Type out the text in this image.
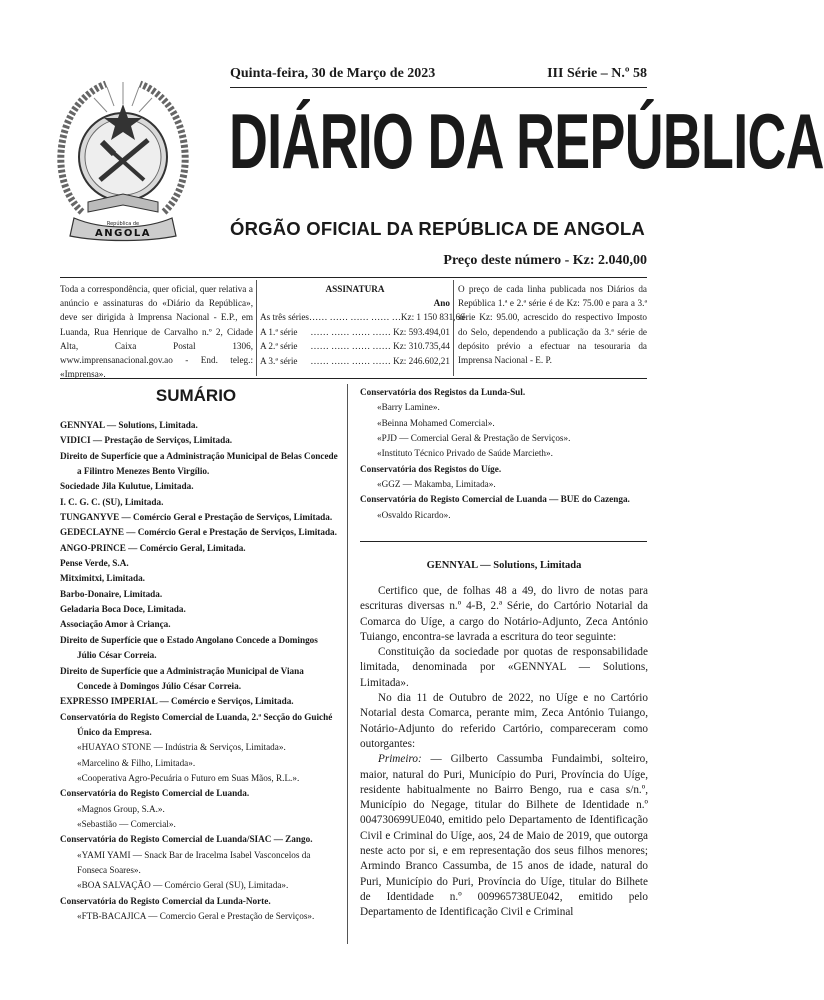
República de
ANGOLA
Quinta-feira, 30 de Março de 2023	III Série – N.º 58
DIÁRIO DA REPÚBLICA
ÓRGÃO OFICIAL DA REPÚBLICA DE ANGOLA
Preço deste número - Kz: 2.040,00
Toda a correspondência, quer oficial, quer relativa a anúncio e assinaturas do «Diário da República», deve ser dirigida à Imprensa Nacional - E.P., em Luanda, Rua Henrique de Carvalho n.º 2, Cidade Alta, Caixa Postal 1306, www.imprensanacional.gov.ao - End. teleg.: «Imprensa».
ASSINATURA
Ano
As três séries …… …… …… …… …Kz: 1 150 831,66
A 1.ª série …… …… …… …… Kz: 593.494,01
A 2.ª série …… …… …… …… Kz: 310.735,44
A 3.ª série …… …… …… …… Kz: 246.602,21
O preço de cada linha publicada nos Diários da República 1.ª e 2.ª série é de Kz: 75.00 e para a 3.ª série Kz: 95.00, acrescido do respectivo Imposto do Selo, dependendo a publicação da 3.ª série de depósito prévio a efectuar na tesouraria da Imprensa Nacional - E. P.
SUMÁRIO
GENNYAL — Solutions, Limitada.
VIDICI — Prestação de Serviços, Limitada.
Direito de Superfície que a Administração Municipal de Belas Concede a Filintro Menezes Bento Virgílio.
Sociedade Jila Kulutue, Limitada.
I. C. G. C. (SU), Limitada.
TUNGANYVE — Comércio Geral e Prestação de Serviços, Limitada.
GEDECLAYNE — Comércio Geral e Prestação de Serviços, Limitada.
ANGO-PRINCE — Comércio Geral, Limitada.
Pense Verde, S.A.
Mitximitxi, Limitada.
Barbo-Donaire, Limitada.
Geladaria Boca Doce, Limitada.
Associação Amor à Criança.
Direito de Superfície que o Estado Angolano Concede a Domingos Júlio César Correia.
Direito de Superfície que a Administração Municipal de Viana Concede à Domingos Júlio César Correia.
EXPRESSO IMPERIAL — Comércio e Serviços, Limitada.
Conservatória do Registo Comercial de Luanda, 2.ª Secção do Guiché Único da Empresa.
«HUAYAO STONE — Indústria & Serviços, Limitada».
«Marcelino & Filho, Limitada».
«Cooperativa Agro-Pecuária o Futuro em Suas Mãos, R.L.».
Conservatória do Registo Comercial de Luanda.
«Magnos Group, S.A.».
«Sebastião — Comercial».
Conservatória do Registo Comercial de Luanda/SIAC — Zango.
«YAMI YAMI — Snack Bar de Iracelma Isabel Vasconcelos da Fonseca Soares».
«BOA SALVAÇÃO — Comércio Geral (SU), Limitada».
Conservatória do Registo Comercial da Lunda-Norte.
«FTB-BACAJICA — Comercio Geral e Prestação de Serviços».
Conservatória dos Registos da Lunda-Sul.
«Barry Lamine».
«Beinna Mohamed Comercial».
«PJD — Comercial Geral & Prestação de Serviços».
«Instituto Técnico Privado de Saúde Marcieth».
Conservatória dos Registos do Uíge.
«GGZ — Makamba, Limitada».
Conservatória do Registo Comercial de Luanda — BUE do Cazenga.
«Osvaldo Ricardo».
GENNYAL — Solutions, Limitada

Certifico que, de folhas 48 a 49, do livro de notas para escrituras diversas n.º 4-B, 2.ª Série, do Cartório Notarial da Comarca do Uíge, a cargo do Notário-Adjunto, Zeca António Tuiango, encontra-se lavrada a escritura do teor seguinte:

Constituição da sociedade por quotas de responsabilidade limitada, denominada por «GENNYAL — Solutions, Limitada».

No dia 11 de Outubro de 2022, no Uíge e no Cartório Notarial desta Comarca, perante mim, Zeca António Tuiango, Notário-Adjunto do referido Cartório, compareceram como outorgantes:

Primeiro: — Gilberto Cassumba Fundaimbi, solteiro, maior, natural do Puri, Município do Puri, Província do Uíge, residente habitualmente no Bairro Bengo, rua e casa s/n.º, Município do Negage, titular do Bilhete de Identidade n.º 004730699UE040, emitido pelo Departamento de Identificação Civil e Criminal do Uíge, aos, 24 de Maio de 2019, que outorga neste acto por si, e em representação dos seus filhos menores; Armindo Branco Cassumba, de 15 anos de idade, natural do Puri, Município do Puri, Província do Uíge, titular do Bilhete de Identidade n.º 009965738UE042, emitido pelo Departamento de Identificação Civil e Criminal
